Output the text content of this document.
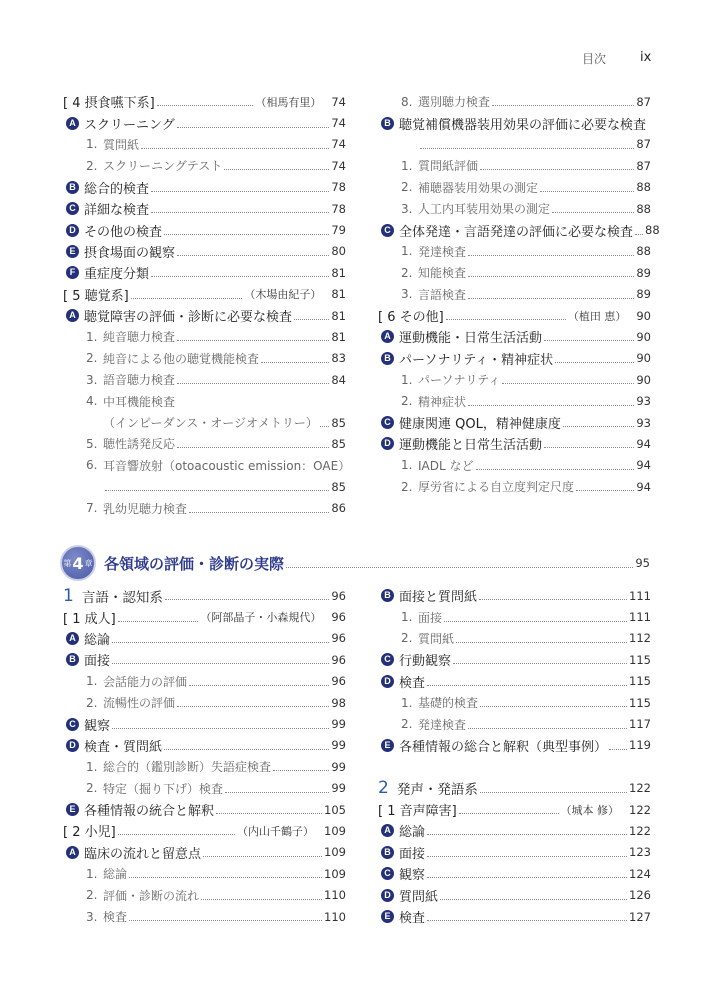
目次	ix
[ 4 摂食嚥下系]	（相馬有里） 74
A スクリーニング	74
1. 質問紙	74
2. スクリーニングテスト	74
B 総合的検査	78
C 詳細な検査	78
D その他の検査	79
E 摂食場面の観察	80
F 重症度分類	81
[ 5 聴覚系]	（木場由紀子） 81
A 聴覚障害の評価・診断に必要な検査	81
1. 純音聴力検査	81
2. 純音による他の聴覚機能検査	83
3. 語音聴力検査	84
4. 中耳機能検査
（インピーダンス・オージオメトリー） 85
5. 聴性誘発反応	85
6. 耳音響放射（otoacoustic emission：OAE）
85
7. 乳幼児聴力検査	86
8. 選別聴力検査	87
B 聴覚補償機器装用効果の評価に必要な検査
87
1. 質問紙評価	87
2. 補聴器装用効果の測定	88
3. 人工内耳装用効果の測定	88
C 全体発達・言語発達の評価に必要な検査 88
1. 発達検査	88
2. 知能検査	89
3. 言語検査	89
[ 6 その他]	（植田 恵） 90
A 運動機能・日常生活活動	90
B パーソナリティ・精神症状	90
1. パーソナリティ	90
2. 精神症状	93
C 健康関連 QOL，精神健康度	93
D 運動機能と日常生活活動	94
1. IADL など	94
2. 厚労省による自立度判定尺度	94
第 4 章 各領域の評価・診断の実際	95
1 言語・認知系	96
[ 1 成人]	（阿部晶子・小森規代） 96
A 総論	96
B 面接	96
1. 会話能力の評価	96
2. 流暢性の評価	98
C 観察	99
D 検査・質問紙	99
1. 総合的（鑑別診断）失語症検査	99
2. 特定（掘り下げ）検査	99
E 各種情報の統合と解釈	105
[ 2 小児]	（内山千鶴子） 109
A 臨床の流れと留意点	109
1. 総論	109
2. 評価・診断の流れ	110
3. 検査	110
B 面接と質問紙	111
1. 面接	111
2. 質問紙	112
C 行動観察	115
D 検査	115
1. 基礎的検査	115
2. 発達検査	117
E 各種情報の総合と解釈（典型事例） 119
2 発声・発語系	122
[ 1 音声障害]	（城本 修） 122
A 総論	122
B 面接	123
C 観察	124
D 質問紙	126
E 検査	127
